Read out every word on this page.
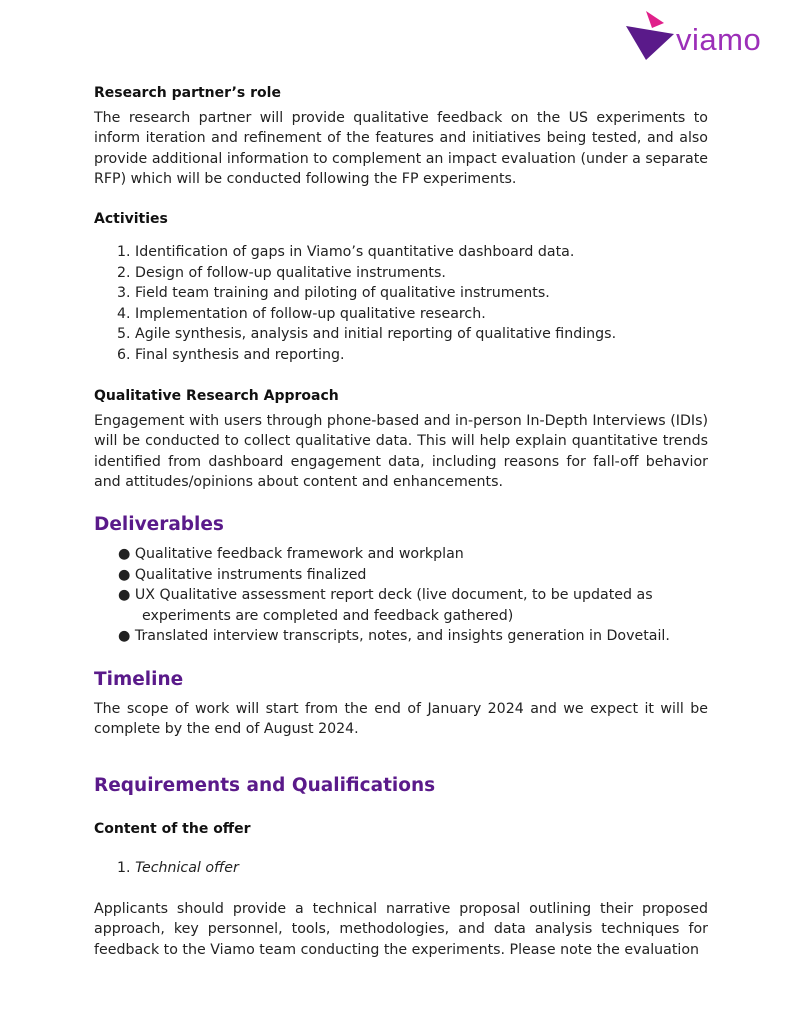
viamo
Research partner’s role

The research partner will provide qualitative feedback on the US experiments to inform iteration and refinement of the features and initiatives being tested, and also provide additional information to complement an impact evaluation (under a separate RFP) which will be conducted following the FP experiments.

Activities
1. Identification of gaps in Viamo’s quantitative dashboard data.
2. Design of follow-up qualitative instruments.
3. Field team training and piloting of qualitative instruments.
4. Implementation of follow-up qualitative research.
5. Agile synthesis, analysis and initial reporting of qualitative findings.
6. Final synthesis and reporting.
Qualitative Research Approach

Engagement with users through phone-based and in-person In-Depth Interviews (IDIs) will be conducted to collect qualitative data. This will help explain quantitative trends identified from dashboard engagement data, including reasons for fall-off behavior and attitudes/opinions about content and enhancements.

Deliverables
● Qualitative feedback framework and workplan
● Qualitative instruments finalized
● UX Qualitative assessment report deck (live document, to be updated as
experiments are completed and feedback gathered)
● Translated interview transcripts, notes, and insights generation in Dovetail.
Timeline

The scope of work will start from the end of January 2024 and we expect it will be complete by the end of August 2024.

Requirements and Qualifications
Content of the offer
1. Technical offer

Applicants should provide a technical narrative proposal outlining their proposed approach, key personnel, tools, methodologies, and data analysis techniques for feedback to the Viamo team conducting the experiments. Please note the evaluation
